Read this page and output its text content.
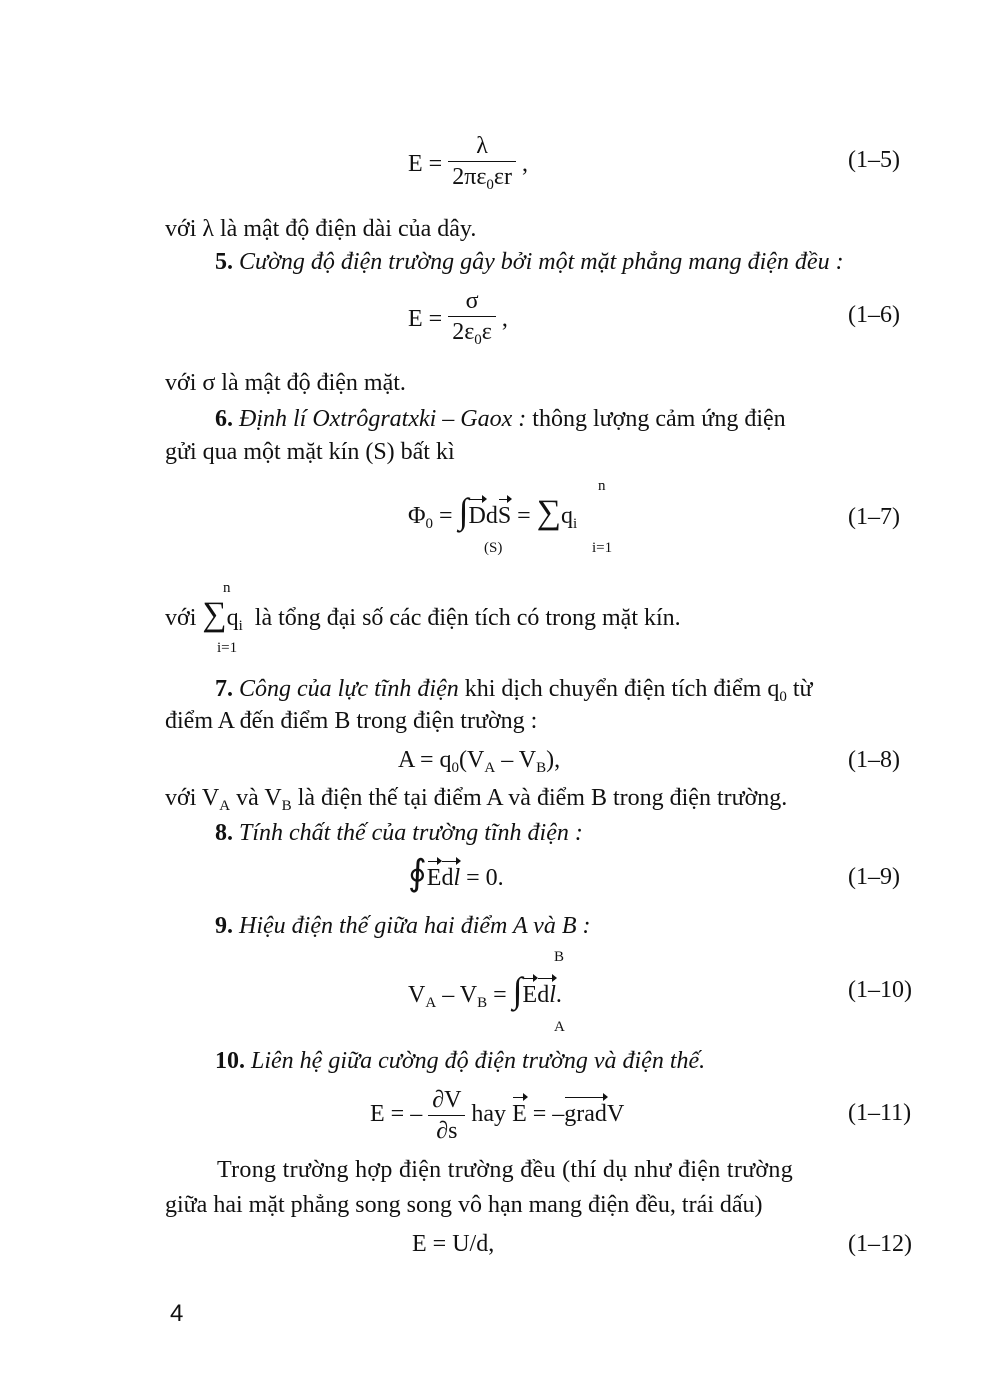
$E = \frac{\lambda}{2\pi\varepsilon_0\varepsilon r}$ ,	(1–5)
với λ là mật độ điện dài của dây.
5. Cường độ điện trường gây bởi một mặt phẳng mang điện đều :
$E = \frac{\sigma}{2\varepsilon_0\varepsilon}$ ,	(1–6)
với σ là mật độ điện mặt.
6. Định lí Oxtrôgratxki – Gaox : thông lượng cảm ứng điện
gửi qua một mặt kín (S) bất kì
$\Phi_0 = \int DdS = \sum q_i$
(S)
n
i=1
(1–7)
với $\sum q_i$ là tổng đại số các điện tích có trong mặt kín.
n
i=1
7. Công của lực tĩnh điện khi dịch chuyển điện tích điểm $q_0$ từ
điểm A đến điểm B trong điện trường :
$A = q_0(V_A - V_B)$,	(1–8)
với $V_A$ và $V_B$ là điện thế tại điểm A và điểm B trong điện trường.
8. Tính chất thế của trường tĩnh điện :
∮Edl = 0.	(1–9)
9. Hiệu điện thế giữa hai điểm A và B :
$V_A - V_B = \int Edl$.
B
A
(1–10)
10. Liên hệ giữa cường độ điện trường và điện thế.
E = – $\frac{\partial V}{\partial s}$ hay E = –gradV	(1–11)
Trong trường hợp điện trường đều (thí dụ như điện trường
giữa hai mặt phẳng song song vô hạn mang điện đều, trái dấu)
E = U/d,	(1–12)
4
